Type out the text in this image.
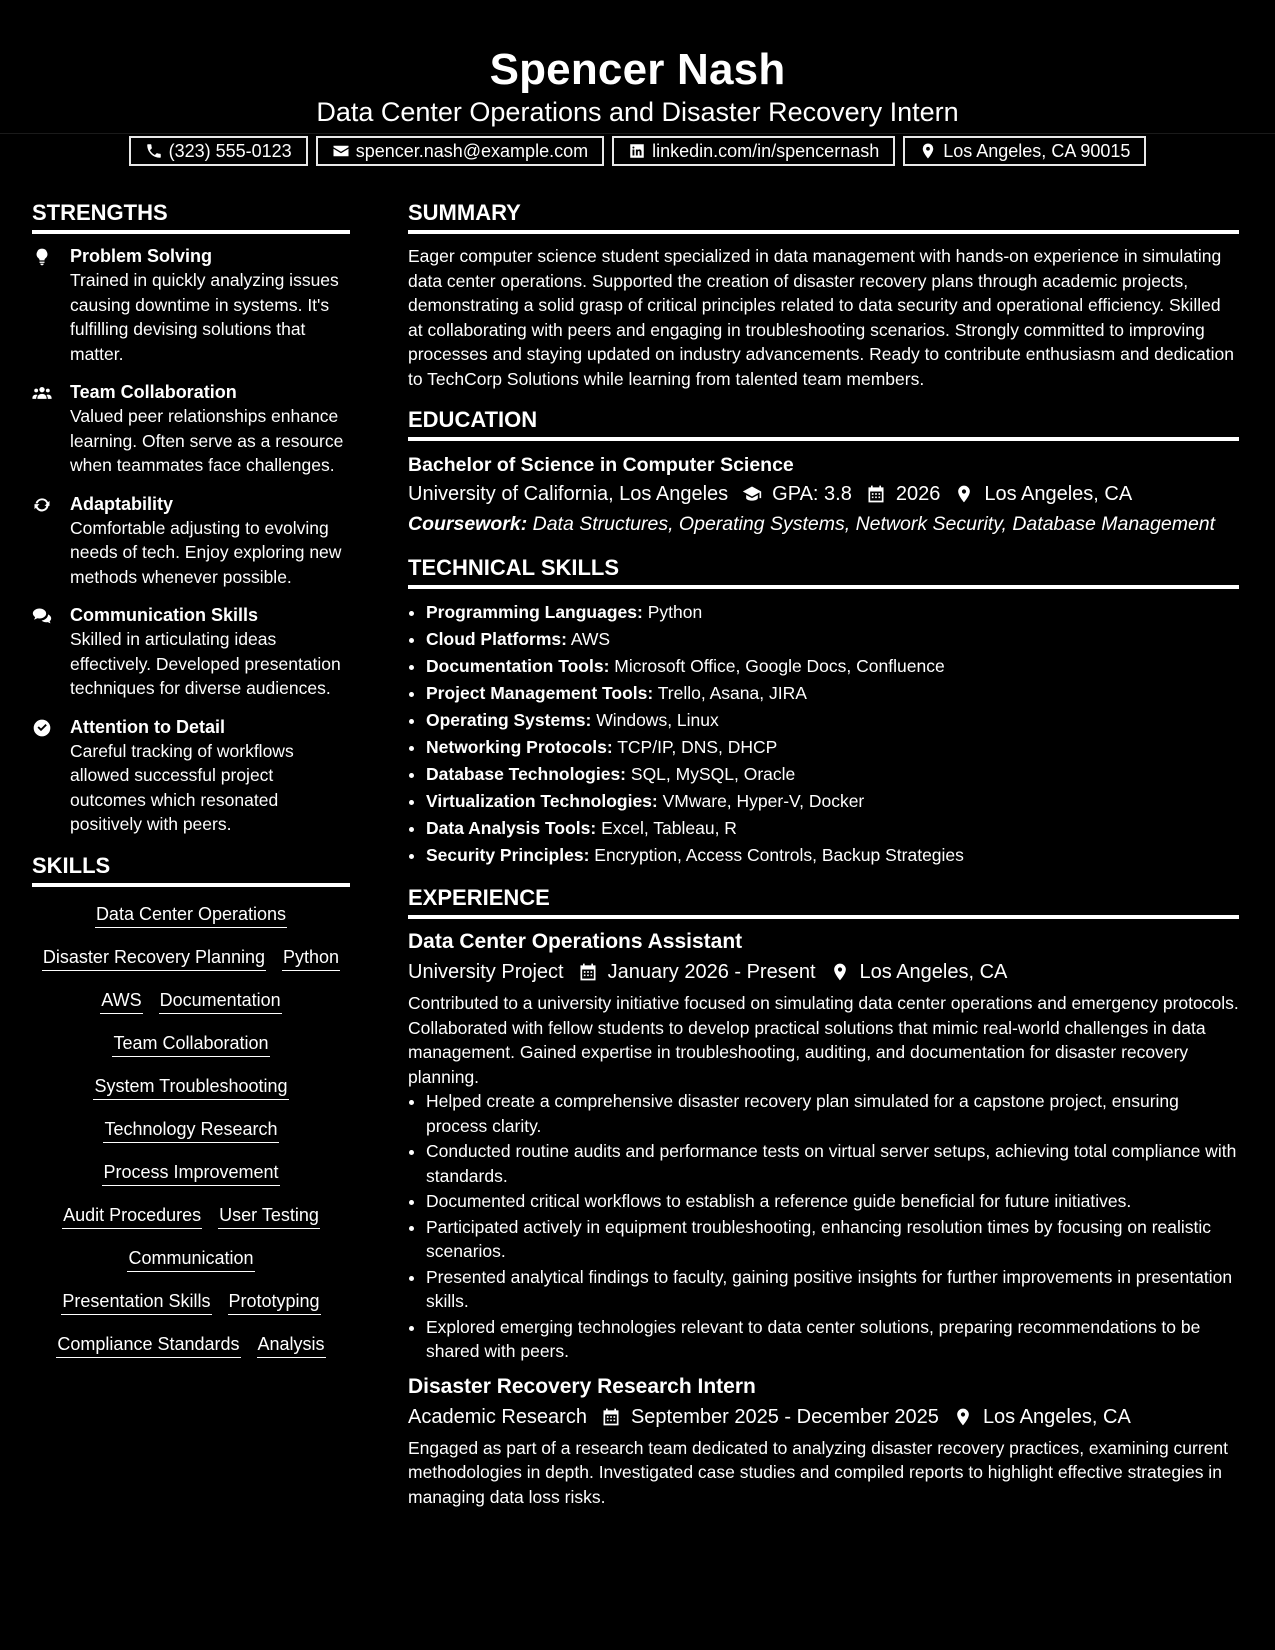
Spencer Nash
Data Center Operations and Disaster Recovery Intern
(323) 555-0123	spencer.nash@example.com	linkedin.com/in/spencernash	Los Angeles, CA 90015
STRENGTHS
Problem Solving
Trained in quickly analyzing issues causing downtime in systems. It's fulfilling devising solutions that matter.
Team Collaboration
Valued peer relationships enhance learning. Often serve as a resource when teammates face challenges.
Adaptability
Comfortable adjusting to evolving needs of tech. Enjoy exploring new methods whenever possible.
Communication Skills
Skilled in articulating ideas effectively. Developed presentation techniques for diverse audiences.
Attention to Detail
Careful tracking of workflows allowed successful project outcomes which resonated positively with peers.
SKILLS
Data Center Operations
Disaster Recovery Planning Python
AWS Documentation
Team Collaboration
System Troubleshooting
Technology Research
Process Improvement
Audit Procedures User Testing
Communication
Presentation Skills Prototyping
Compliance Standards Analysis
SUMMARY
Eager computer science student specialized in data management with hands-on experience in simulating data center operations. Supported the creation of disaster recovery plans through academic projects, demonstrating a solid grasp of critical principles related to data security and operational efficiency. Skilled at collaborating with peers and engaging in troubleshooting scenarios. Strongly committed to improving processes and staying updated on industry advancements. Ready to contribute enthusiasm and dedication to TechCorp Solutions while learning from talented team members.
EDUCATION
Bachelor of Science in Computer Science
University of California, Los Angeles GPA: 3.8 2026 Los Angeles, CA
Coursework: Data Structures, Operating Systems, Network Security, Database Management
TECHNICAL SKILLS
• Programming Languages: Python
• Cloud Platforms: AWS
• Documentation Tools: Microsoft Office, Google Docs, Confluence
• Project Management Tools: Trello, Asana, JIRA
• Operating Systems: Windows, Linux
• Networking Protocols: TCP/IP, DNS, DHCP
• Database Technologies: SQL, MySQL, Oracle
• Virtualization Technologies: VMware, Hyper-V, Docker
• Data Analysis Tools: Excel, Tableau, R
• Security Principles: Encryption, Access Controls, Backup Strategies
EXPERIENCE
Data Center Operations Assistant
University Project January 2026 - Present Los Angeles, CA
Contributed to a university initiative focused on simulating data center operations and emergency protocols. Collaborated with fellow students to develop practical solutions that mimic real-world challenges in data management. Gained expertise in troubleshooting, auditing, and documentation for disaster recovery planning.
• Helped create a comprehensive disaster recovery plan simulated for a capstone project, ensuring process clarity.
• Conducted routine audits and performance tests on virtual server setups, achieving total compliance with standards.
• Documented critical workflows to establish a reference guide beneficial for future initiatives.
• Participated actively in equipment troubleshooting, enhancing resolution times by focusing on realistic scenarios.
• Presented analytical findings to faculty, gaining positive insights for further improvements in presentation skills.
• Explored emerging technologies relevant to data center solutions, preparing recommendations to be shared with peers.
Disaster Recovery Research Intern
Academic Research September 2025 - December 2025 Los Angeles, CA
Engaged as part of a research team dedicated to analyzing disaster recovery practices, examining current methodologies in depth. Investigated case studies and compiled reports to highlight effective strategies in managing data loss risks.
